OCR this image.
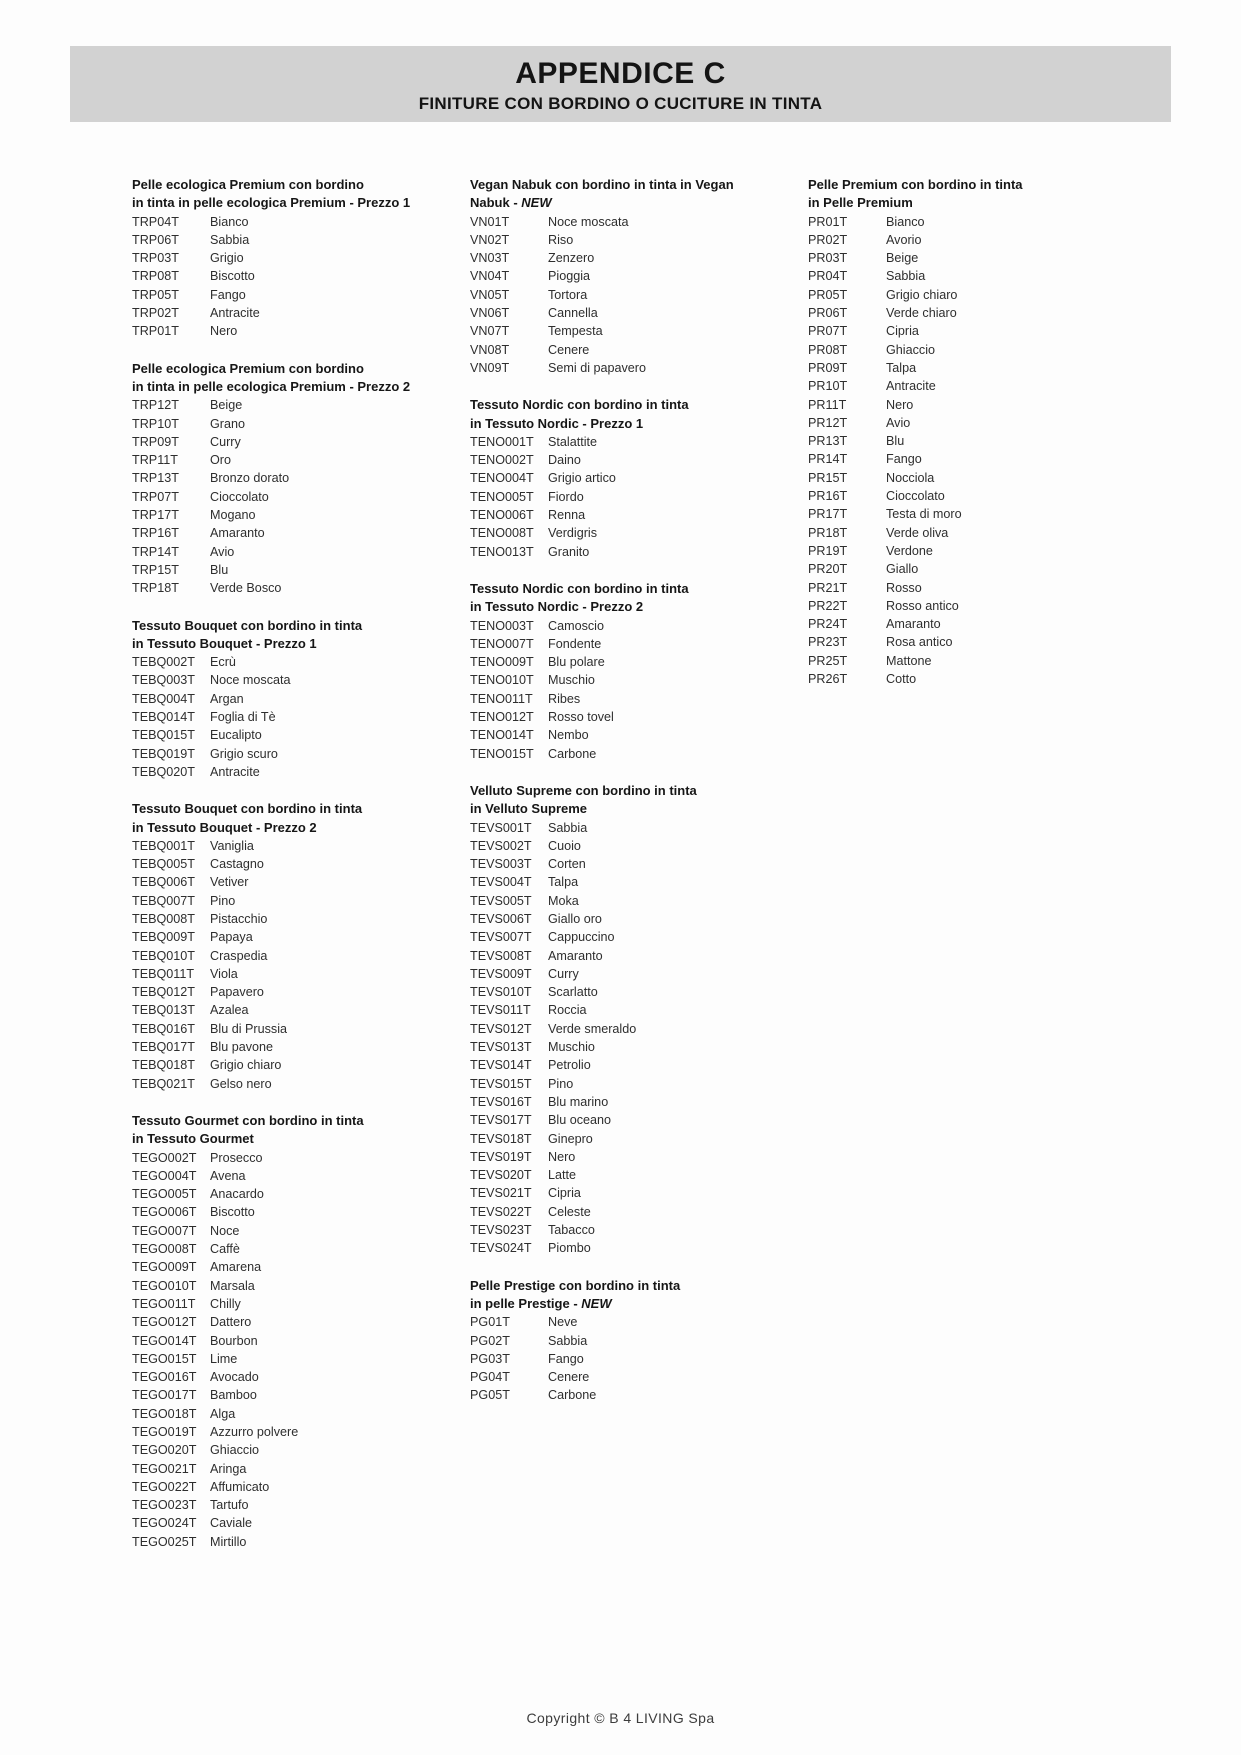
APPENDICE C
FINITURE CON BORDINO O CUCITURE IN TINTA
Pelle ecologica Premium con bordino
in tinta in pelle ecologica Premium - Prezzo 1
TRP04T	Bianco
TRP06T	Sabbia
TRP03T	Grigio
TRP08T	Biscotto
TRP05T	Fango
TRP02T	Antracite
TRP01T	Nero
Pelle ecologica Premium con bordino
in tinta in pelle ecologica Premium - Prezzo 2
TRP12T	Beige
TRP10T	Grano
TRP09T	Curry
TRP11T	Oro
TRP13T	Bronzo dorato
TRP07T	Cioccolato
TRP17T	Mogano
TRP16T	Amaranto
TRP14T	Avio
TRP15T	Blu
TRP18T	Verde Bosco
Tessuto Bouquet con bordino in tinta
in Tessuto Bouquet - Prezzo 1
TEBQ002T	Ecrù
TEBQ003T	Noce moscata
TEBQ004T	Argan
TEBQ014T	Foglia di Tè
TEBQ015T	Eucalipto
TEBQ019T	Grigio scuro
TEBQ020T	Antracite
Tessuto Bouquet con bordino in tinta
in Tessuto Bouquet - Prezzo 2
TEBQ001T	Vaniglia
TEBQ005T	Castagno
TEBQ006T	Vetiver
TEBQ007T	Pino
TEBQ008T	Pistacchio
TEBQ009T	Papaya
TEBQ010T	Craspedia
TEBQ011T	Viola
TEBQ012T	Papavero
TEBQ013T	Azalea
TEBQ016T	Blu di Prussia
TEBQ017T	Blu pavone
TEBQ018T	Grigio chiaro
TEBQ021T	Gelso nero
Tessuto Gourmet con bordino in tinta
in Tessuto Gourmet
TEGO002T	Prosecco
TEGO004T	Avena
TEGO005T	Anacardo
TEGO006T	Biscotto
TEGO007T	Noce
TEGO008T	Caffè
TEGO009T	Amarena
TEGO010T	Marsala
TEGO011T	Chilly
TEGO012T	Dattero
TEGO014T	Bourbon
TEGO015T	Lime
TEGO016T	Avocado
TEGO017T	Bamboo
TEGO018T	Alga
TEGO019T	Azzurro polvere
TEGO020T	Ghiaccio
TEGO021T	Aringa
TEGO022T	Affumicato
TEGO023T	Tartufo
TEGO024T	Caviale
TEGO025T	Mirtillo
Vegan Nabuk con bordino in tinta in Vegan
Nabuk - NEW
VN01T	Noce moscata
VN02T	Riso
VN03T	Zenzero
VN04T	Pioggia
VN05T	Tortora
VN06T	Cannella
VN07T	Tempesta
VN08T	Cenere
VN09T	Semi di papavero
Tessuto Nordic con bordino in tinta
in Tessuto Nordic - Prezzo 1
TENO001T	Stalattite
TENO002T	Daino
TENO004T	Grigio artico
TENO005T	Fiordo
TENO006T	Renna
TENO008T	Verdigris
TENO013T	Granito
Tessuto Nordic con bordino in tinta
in Tessuto Nordic - Prezzo 2
TENO003T	Camoscio
TENO007T	Fondente
TENO009T	Blu polare
TENO010T	Muschio
TENO011T	Ribes
TENO012T	Rosso tovel
TENO014T	Nembo
TENO015T	Carbone
Velluto Supreme con bordino in tinta
in Velluto Supreme
TEVS001T	Sabbia
TEVS002T	Cuoio
TEVS003T	Corten
TEVS004T	Talpa
TEVS005T	Moka
TEVS006T	Giallo oro
TEVS007T	Cappuccino
TEVS008T	Amaranto
TEVS009T	Curry
TEVS010T	Scarlatto
TEVS011T	Roccia
TEVS012T	Verde smeraldo
TEVS013T	Muschio
TEVS014T	Petrolio
TEVS015T	Pino
TEVS016T	Blu marino
TEVS017T	Blu oceano
TEVS018T	Ginepro
TEVS019T	Nero
TEVS020T	Latte
TEVS021T	Cipria
TEVS022T	Celeste
TEVS023T	Tabacco
TEVS024T	Piombo
Pelle Prestige con bordino in tinta
in pelle Prestige - NEW
PG01T	Neve
PG02T	Sabbia
PG03T	Fango
PG04T	Cenere
PG05T	Carbone
Pelle Premium con bordino in tinta
in Pelle Premium
PR01T	Bianco
PR02T	Avorio
PR03T	Beige
PR04T	Sabbia
PR05T	Grigio chiaro
PR06T	Verde chiaro
PR07T	Cipria
PR08T	Ghiaccio
PR09T	Talpa
PR10T	Antracite
PR11T	Nero
PR12T	Avio
PR13T	Blu
PR14T	Fango
PR15T	Nocciola
PR16T	Cioccolato
PR17T	Testa di moro
PR18T	Verde oliva
PR19T	Verdone
PR20T	Giallo
PR21T	Rosso
PR22T	Rosso antico
PR24T	Amaranto
PR23T	Rosa antico
PR25T	Mattone
PR26T	Cotto
Copyright © B 4 LIVING Spa
